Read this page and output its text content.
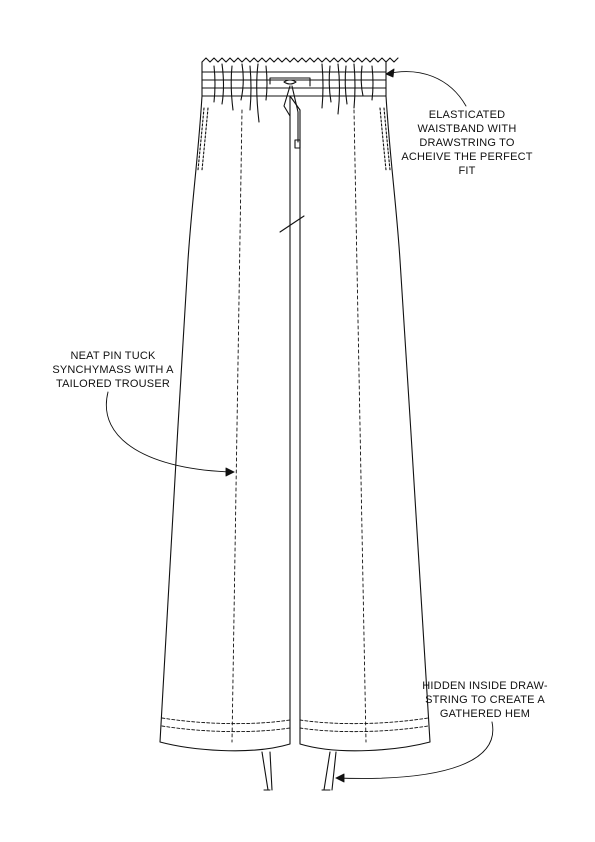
ELASTICATED
WAISTBAND WITH
DRAWSTRING TO
ACHEIVE THE PERFECT
FIT
NEAT PIN TUCK
SYNCHYMASS WITH A
TAILORED TROUSER
HIDDEN INSIDE DRAW-
STRING TO CREATE A
GATHERED HEM
